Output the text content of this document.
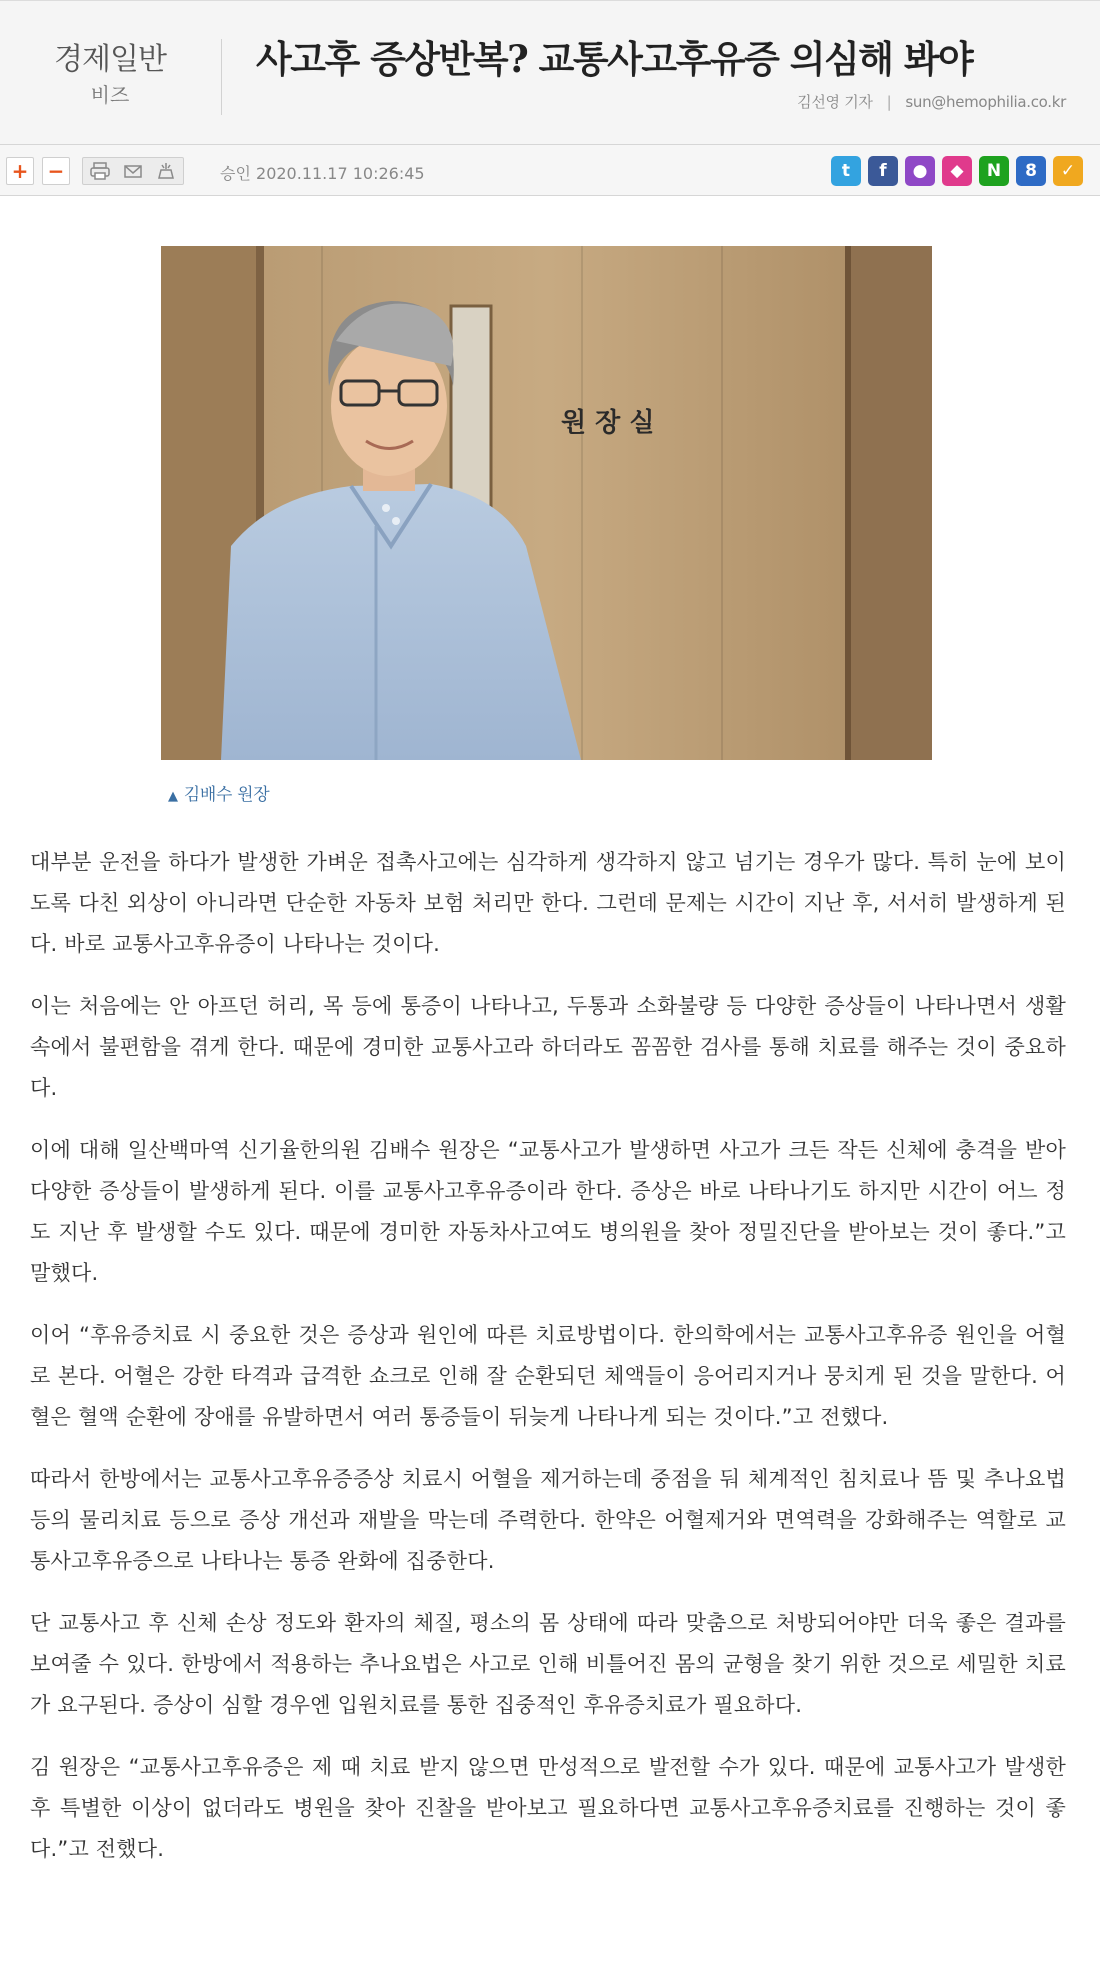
경제일반
비즈
사고후 증상반복? 교통사고후유증 의심해 봐야
김선영 기자 | sun@hemophilia.co.kr
+ −	승인 2020.11.17 10:26:45	t	f	●	◆	N	8	✓
원 장 실
▲ 김배수 원장

대부분 운전을 하다가 발생한 가벼운 접촉사고에는 심각하게 생각하지 않고 넘기는 경우가 많다. 특히 눈에 보이도록 다친 외상이 아니라면 단순한 자동차 보험 처리만 한다. 그런데 문제는 시간이 지난 후, 서서히 발생하게 된다. 바로 교통사고후유증이 나타나는 것이다.

이는 처음에는 안 아프던 허리, 목 등에 통증이 나타나고, 두통과 소화불량 등 다양한 증상들이 나타나면서 생활 속에서 불편함을 겪게 한다. 때문에 경미한 교통사고라 하더라도 꼼꼼한 검사를 통해 치료를 해주는 것이 중요하다.

이에 대해 일산백마역 신기율한의원 김배수 원장은 “교통사고가 발생하면 사고가 크든 작든 신체에 충격을 받아 다양한 증상들이 발생하게 된다. 이를 교통사고후유증이라 한다. 증상은 바로 나타나기도 하지만 시간이 어느 정도 지난 후 발생할 수도 있다. 때문에 경미한 자동차사고여도 병의원을 찾아 정밀진단을 받아보는 것이 좋다.”고 말했다.

이어 “후유증치료 시 중요한 것은 증상과 원인에 따른 치료방법이다. 한의학에서는 교통사고후유증 원인을 어혈로 본다. 어혈은 강한 타격과 급격한 쇼크로 인해 잘 순환되던 체액들이 응어리지거나 뭉치게 된 것을 말한다. 어혈은 혈액 순환에 장애를 유발하면서 여러 통증들이 뒤늦게 나타나게 되는 것이다.”고 전했다.

따라서 한방에서는 교통사고후유증증상 치료시 어혈을 제거하는데 중점을 둬 체계적인 침치료나 뜸 및 추나요법 등의 물리치료 등으로 증상 개선과 재발을 막는데 주력한다. 한약은 어혈제거와 면역력을 강화해주는 역할로 교통사고후유증으로 나타나는 통증 완화에 집중한다.

단 교통사고 후 신체 손상 정도와 환자의 체질, 평소의 몸 상태에 따라 맞춤으로 처방되어야만 더욱 좋은 결과를 보여줄 수 있다. 한방에서 적용하는 추나요법은 사고로 인해 비틀어진 몸의 균형을 찾기 위한 것으로 세밀한 치료가 요구된다. 증상이 심할 경우엔 입원치료를 통한 집중적인 후유증치료가 필요하다.

김 원장은 “교통사고후유증은 제 때 치료 받지 않으면 만성적으로 발전할 수가 있다. 때문에 교통사고가 발생한 후 특별한 이상이 없더라도 병원을 찾아 진찰을 받아보고 필요하다면 교통사고후유증치료를 진행하는 것이 좋다.”고 전했다.
